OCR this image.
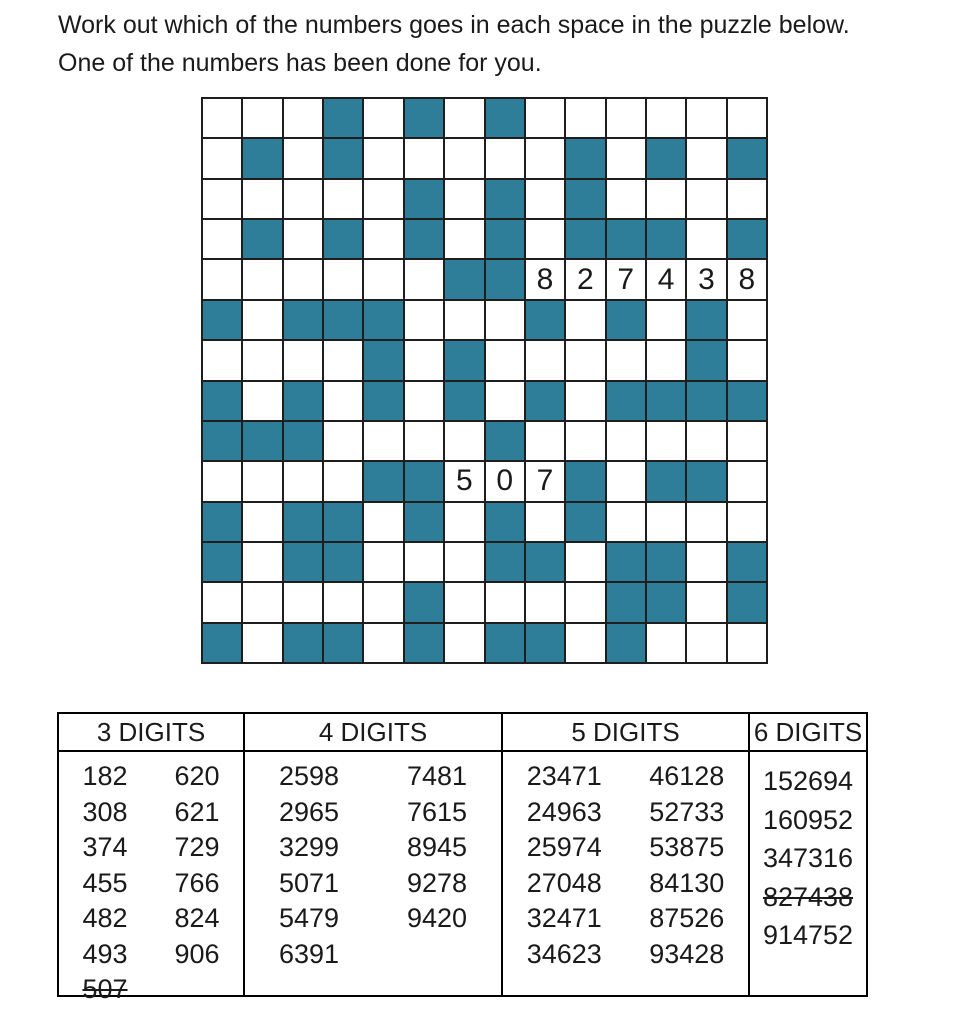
Work out which of the numbers goes in each space in the puzzle below.
One of the numbers has been done for you.
8 2 7 4 3 8
5 0 7
3 DIGITS
182
308
374
455
482
493
507
620
621
729
766
824
906
4 DIGITS
2598
2965
3299
5071
5479
6391
7481
7615
8945
9278
9420
5 DIGITS
23471
24963
25974
27048
32471
34623
46128
52733
53875
84130
87526
93428
6 DIGITS
152694
160952
347316
827438
914752
